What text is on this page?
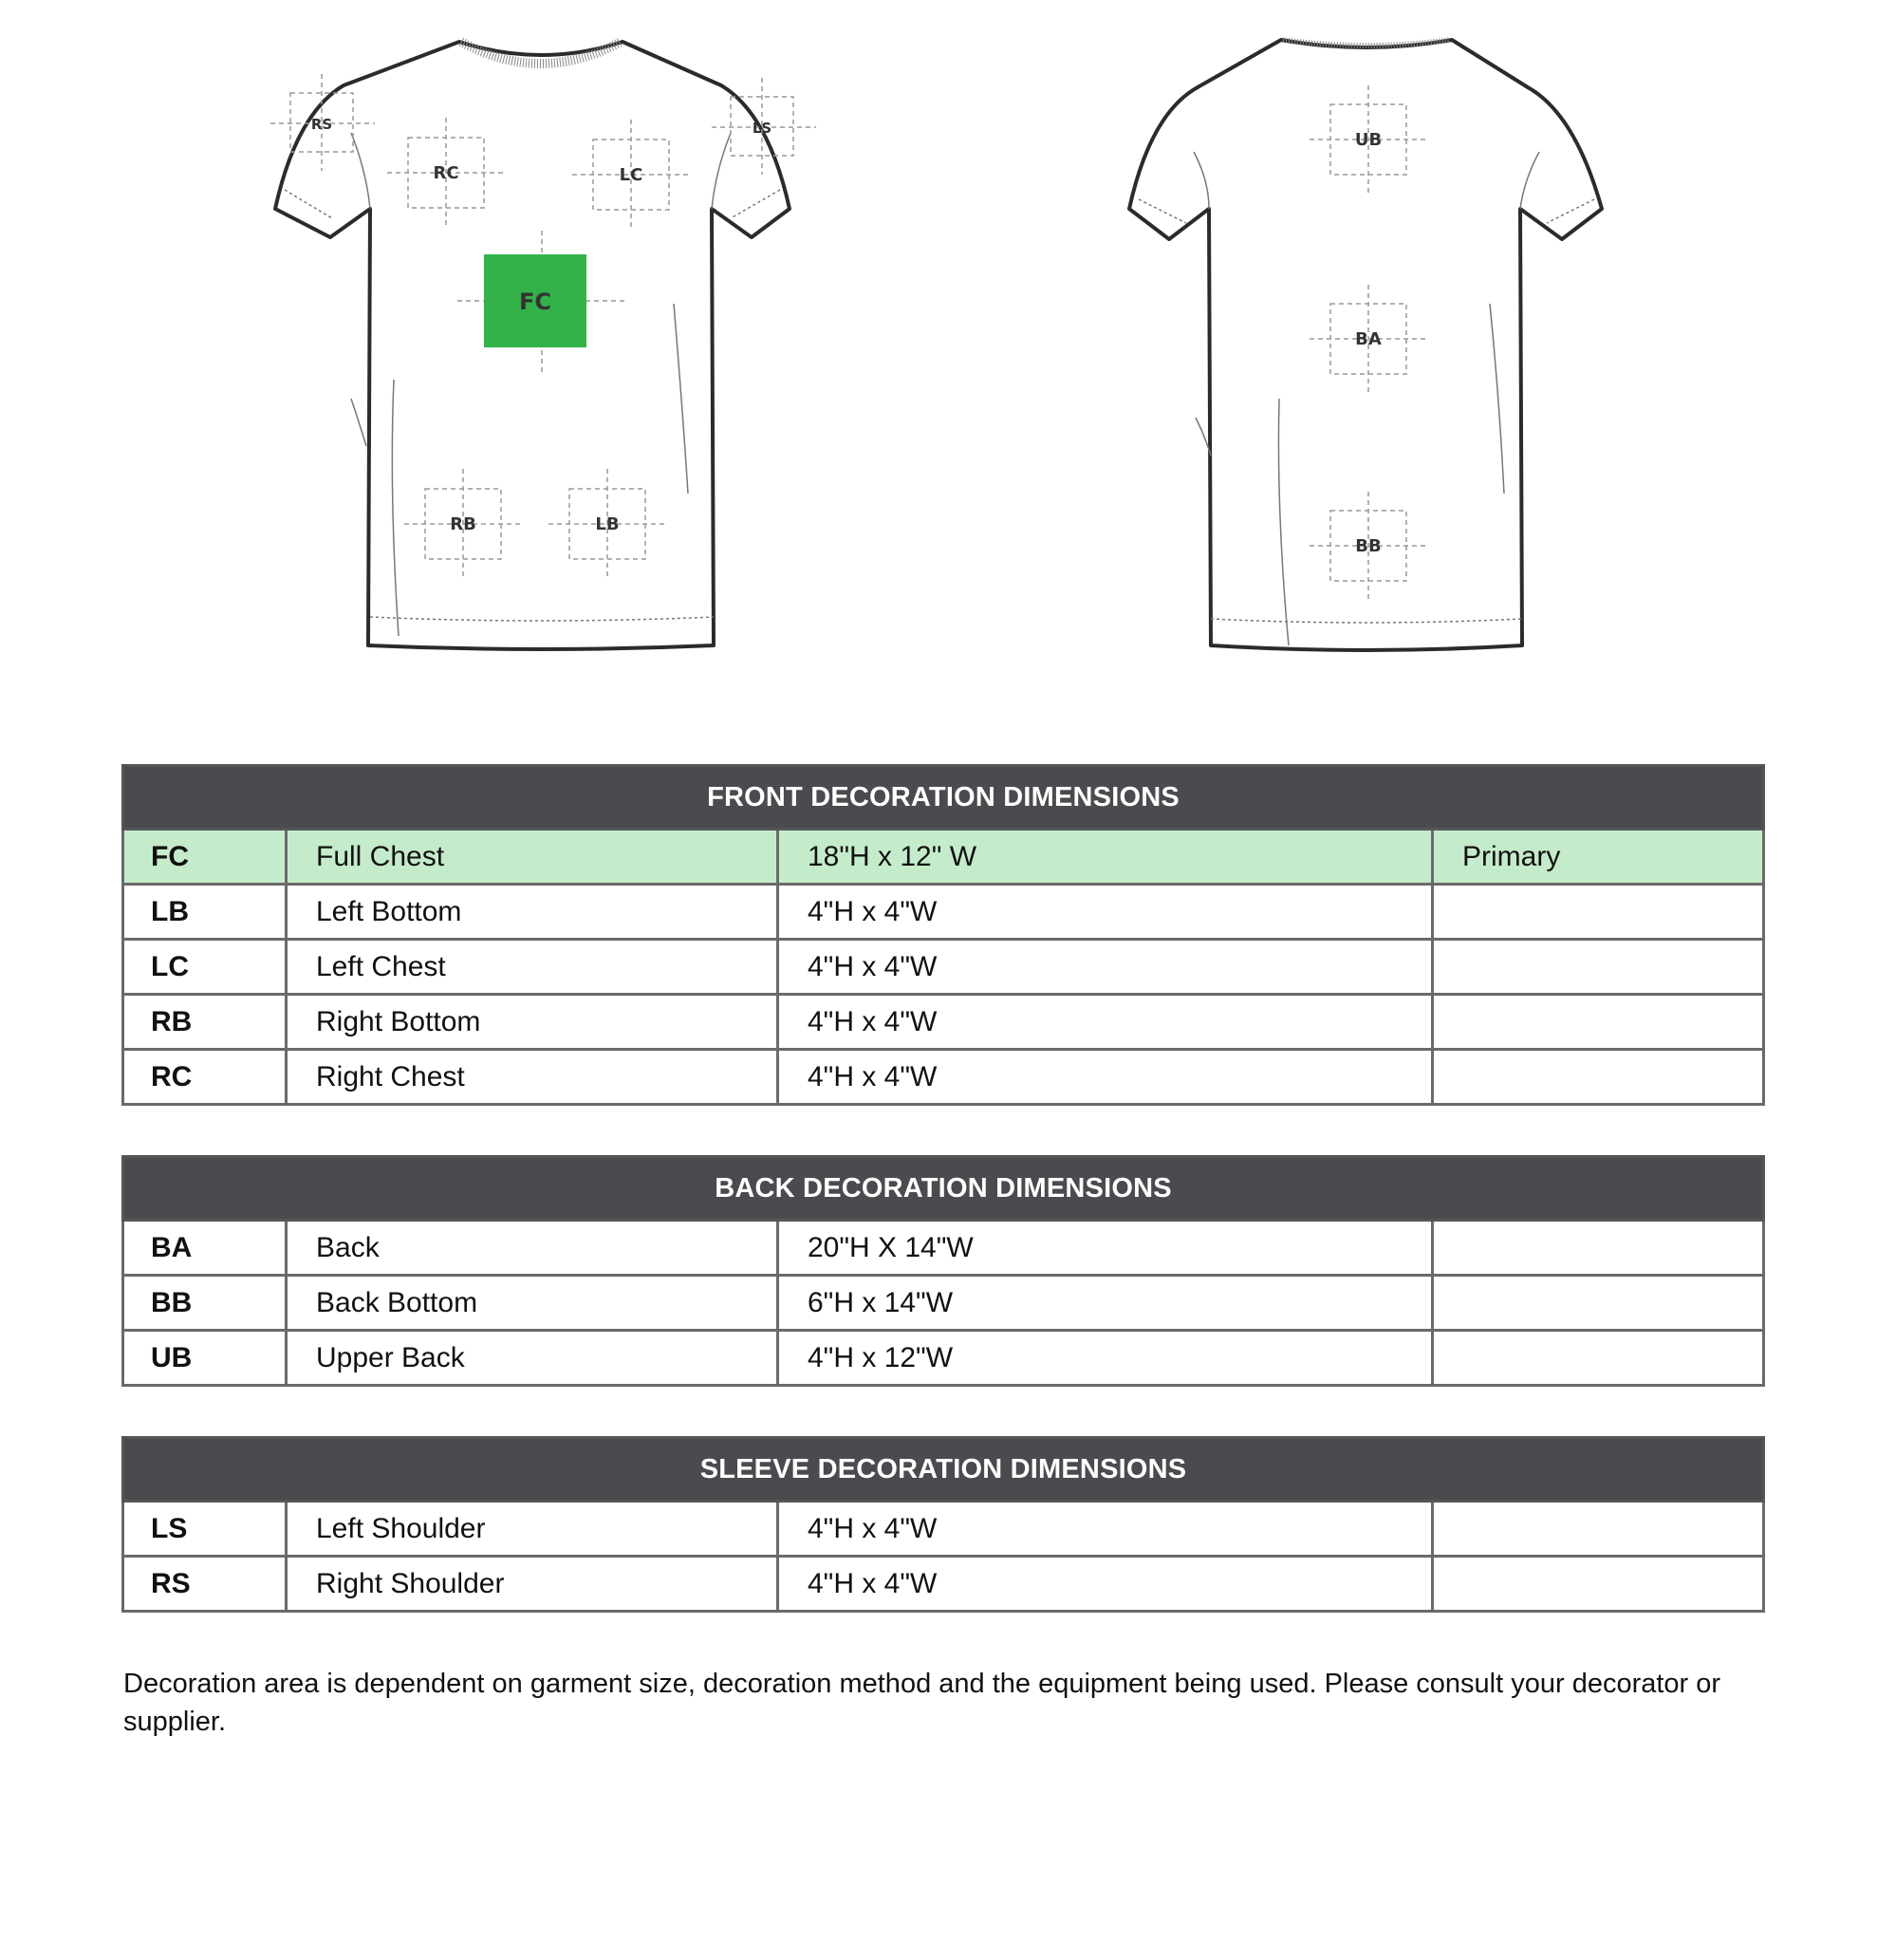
RS	LS
RC	LC
FC
RB	LB
UB
BA
BB
FRONT DECORATION DIMENSIONS			
FC	Full Chest	18"H x 12" W	Primary
LB	Left Bottom	4"H x 4"W	
LC	Left Chest	4"H x 4"W	
RB	Right Bottom	4"H x 4"W	
RC	Right Chest	4"H x 4"W	
BACK DECORATION DIMENSIONS			
BA	Back	20"H X 14"W	
BB	Back Bottom	6"H x 14"W	
UB	Upper Back	4"H x 12"W	
SLEEVE DECORATION DIMENSIONS			
LS	Left Shoulder	4"H x 4"W	
RS	Right Shoulder	4"H x 4"W	

Decoration area is dependent on garment size, decoration method and the equipment being used. Please consult your decorator or supplier.
